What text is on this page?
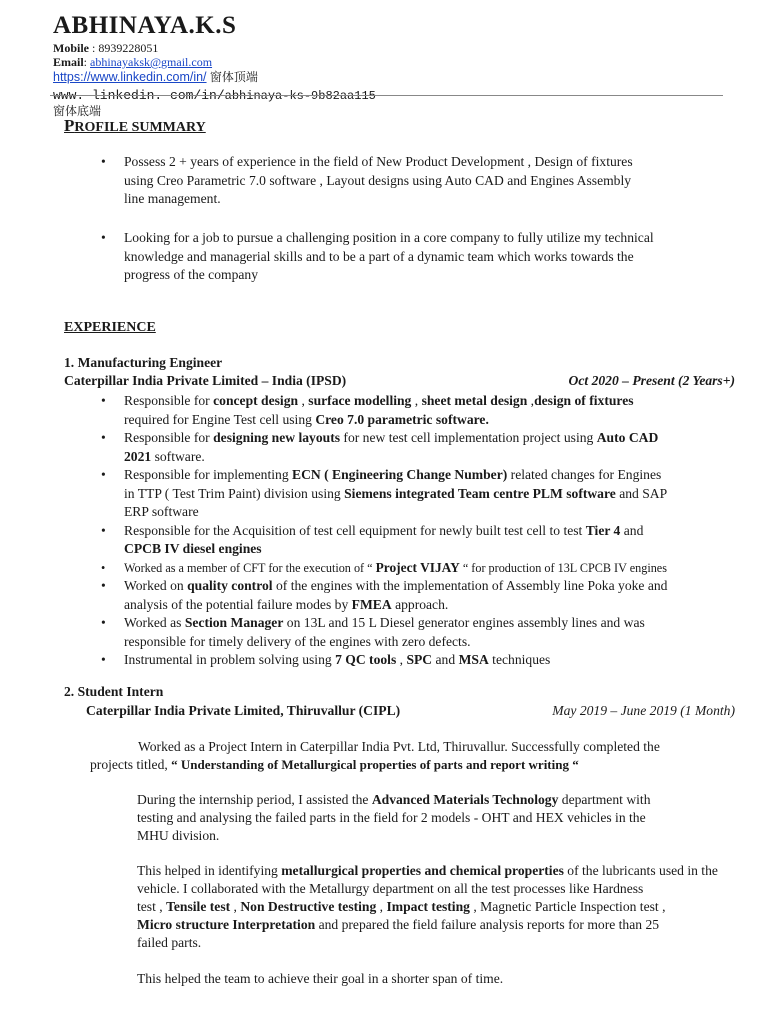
ABHINAYA.K.S
Mobile : 8939228051
Email: abhinayaksk@gmail.com
https://www.linkedin.com/in/ 窗体顶端
www. linkedin. com/in/abhinaya-ks-9b82aa115
窗体底端
PROFILE SUMMARY
• Possess 2 + years of experience in the field of New Product Development , Design of fixtures
using Creo Parametric 7.0 software , Layout designs using Auto CAD and Engines Assembly
line management.
• Looking for a job to pursue a challenging position in a core company to fully utilize my technical
knowledge and managerial skills and to be a part of a dynamic team which works towards the
progress of the company
EXPERIENCE
1. Manufacturing Engineer
Caterpillar India Private Limited – India (IPSD)	Oct 2020 – Present (2 Years+)
• Responsible for concept design , surface modelling , sheet metal design ,design of fixtures
required for Engine Test cell using Creo 7.0 parametric software.
• Responsible for designing new layouts for new test cell implementation project using Auto CAD
2021 software.
• Responsible for implementing ECN ( Engineering Change Number) related changes for Engines
in TTP ( Test Trim Paint) division using Siemens integrated Team centre PLM software and SAP
ERP software
• Responsible for the Acquisition of test cell equipment for newly built test cell to test Tier 4 and
CPCB IV diesel engines
• Worked as a member of CFT for the execution of “ Project VIJAY “ for production of 13L CPCB IV engines
• Worked on quality control of the engines with the implementation of Assembly line Poka yoke and
analysis of the potential failure modes by FMEA approach.
• Worked as Section Manager on 13L and 15 L Diesel generator engines assembly lines and was
responsible for timely delivery of the engines with zero defects.
• Instrumental in problem solving using 7 QC tools , SPC and MSA techniques
2. Student Intern
Caterpillar India Private Limited, Thiruvallur (CIPL)	May 2019 – June 2019 (1 Month)

Worked as a Project Intern in Caterpillar India Pvt. Ltd, Thiruvallur. Successfully completed the

projects titled, “ Understanding of Metallurgical properties of parts and report writing “

During the internship period, I assisted the Advanced Materials Technology department with

testing and analysing the failed parts in the field for 2 models - OHT and HEX vehicles in the

MHU division.

This helped in identifying metallurgical properties and chemical properties of the lubricants used in the

vehicle. I collaborated with the Metallurgy department on all the test processes like Hardness

test , Tensile test , Non Destructive testing , Impact testing , Magnetic Particle Inspection test ,

Micro structure Interpretation and prepared the field failure analysis reports for more than 25

failed parts.

This helped the team to achieve their goal in a shorter span of time.
